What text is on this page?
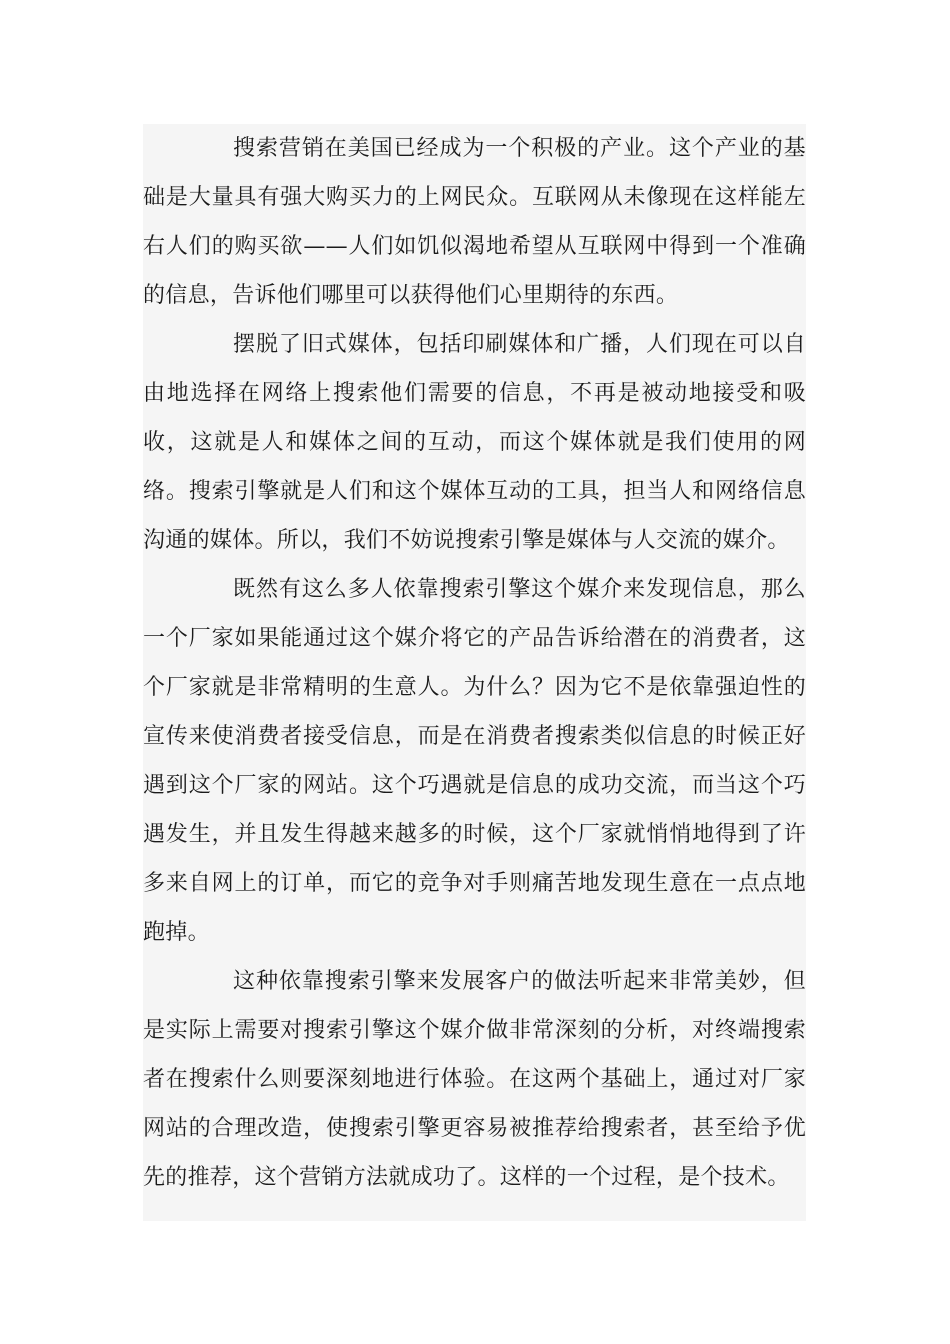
搜索营销在美国已经成为一个积极的产业。这个产业的基础是大量具有强大购买力的上网民众。互联网从未像现在这样能左右人们的购买欲——人们如饥似渴地希望从互联网中得到一个准确的信息，告诉他们哪里可以获得他们心里期待的东西。

摆脱了旧式媒体，包括印刷媒体和广播，人们现在可以自由地选择在网络上搜索他们需要的信息，不再是被动地接受和吸收，这就是人和媒体之间的互动，而这个媒体就是我们使用的网络。搜索引擎就是人们和这个媒体互动的工具，担当人和网络信息沟通的媒体。所以，我们不妨说搜索引擎是媒体与人交流的媒介。

既然有这么多人依靠搜索引擎这个媒介来发现信息，那么一个厂家如果能通过这个媒介将它的产品告诉给潜在的消费者，这个厂家就是非常精明的生意人。为什么？因为它不是依靠强迫性的宣传来使消费者接受信息，而是在消费者搜索类似信息的时候正好遇到这个厂家的网站。这个巧遇就是信息的成功交流，而当这个巧遇发生，并且发生得越来越多的时候，这个厂家就悄悄地得到了许多来自网上的订单，而它的竞争对手则痛苦地发现生意在一点点地跑掉。

这种依靠搜索引擎来发展客户的做法听起来非常美妙，但是实际上需要对搜索引擎这个媒介做非常深刻的分析，对终端搜索者在搜索什么则要深刻地进行体验。在这两个基础上，通过对厂家网站的合理改造，使搜索引擎更容易被推荐给搜索者，甚至给予优先的推荐，这个营销方法就成功了。这样的一个过程，是个技术。
